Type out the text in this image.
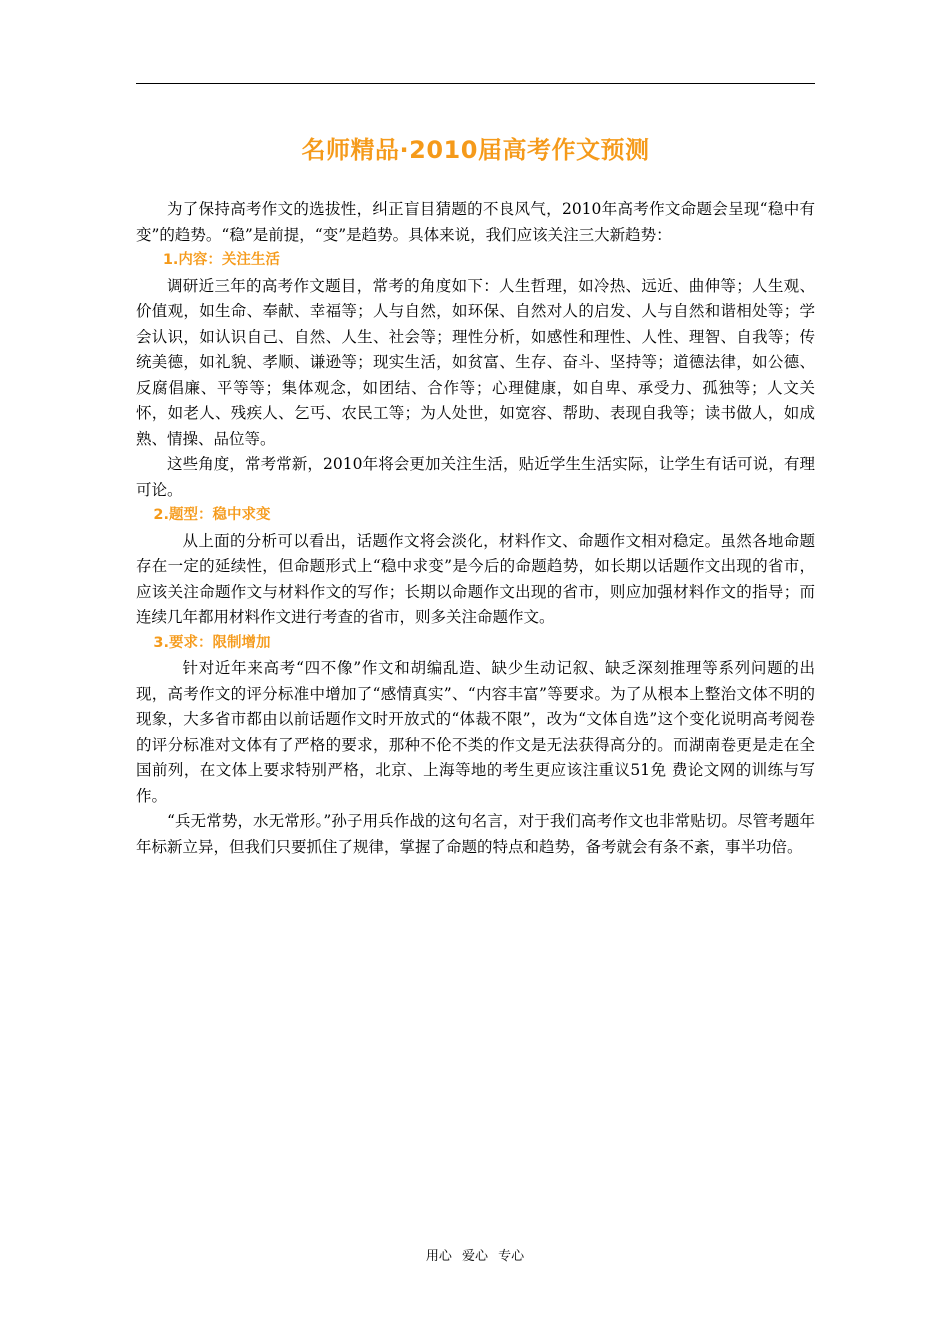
名师精品·2010届高考作文预测

为了保持高考作文的选拔性，纠正盲目猜题的不良风气，2010年高考作文命题会呈现“稳中有变”的趋势。“稳”是前提，“变”是趋势。具体来说，我们应该关注三大新趋势：

1.内容：关注生活

调研近三年的高考作文题目，常考的角度如下：人生哲理，如冷热、远近、曲伸等；人生观、价值观，如生命、奉献、幸福等；人与自然，如环保、自然对人的启发、人与自然和谐相处等；学会认识，如认识自己、自然、人生、社会等；理性分析，如感性和理性、人性、理智、自我等；传统美德，如礼貌、孝顺、谦逊等；现实生活，如贫富、生存、奋斗、坚持等；道德法律，如公德、反腐倡廉、平等等；集体观念，如团结、合作等；心理健康，如自卑、承受力、孤独等；人文关怀，如老人、残疾人、乞丐、农民工等；为人处世，如宽容、帮助、表现自我等；读书做人，如成熟、情操、品位等。

这些角度，常考常新，2010年将会更加关注生活，贴近学生生活实际，让学生有话可说，有理可论。

2.题型：稳中求变

从上面的分析可以看出，话题作文将会淡化，材料作文、命题作文相对稳定。虽然各地命题存在一定的延续性，但命题形式上“稳中求变”是今后的命题趋势，如长期以话题作文出现的省市，应该关注命题作文与材料作文的写作；长期以命题作文出现的省市，则应加强材料作文的指导；而连续几年都用材料作文进行考查的省市，则多关注命题作文。

3.要求：限制增加

针对近年来高考“四不像”作文和胡编乱造、缺少生动记叙、缺乏深刻推理等系列问题的出现，高考作文的评分标准中增加了“感情真实”、“内容丰富”等要求。为了从根本上整治文体不明的现象，大多省市都由以前话题作文时开放式的“体裁不限”，改为“文体自选”这个变化说明高考阅卷的评分标准对文体有了严格的要求，那种不伦不类的作文是无法获得高分的。而湖南卷更是走在全国前列，在文体上要求特别严格，北京、上海等地的考生更应该注重议51免 费论文网的训练与写作。

“兵无常势，水无常形。”孙子用兵作战的这句名言，对于我们高考作文也非常贴切。尽管考题年年标新立异，但我们只要抓住了规律，掌握了命题的特点和趋势，备考就会有条不紊，事半功倍。

用心 爱心 专心
